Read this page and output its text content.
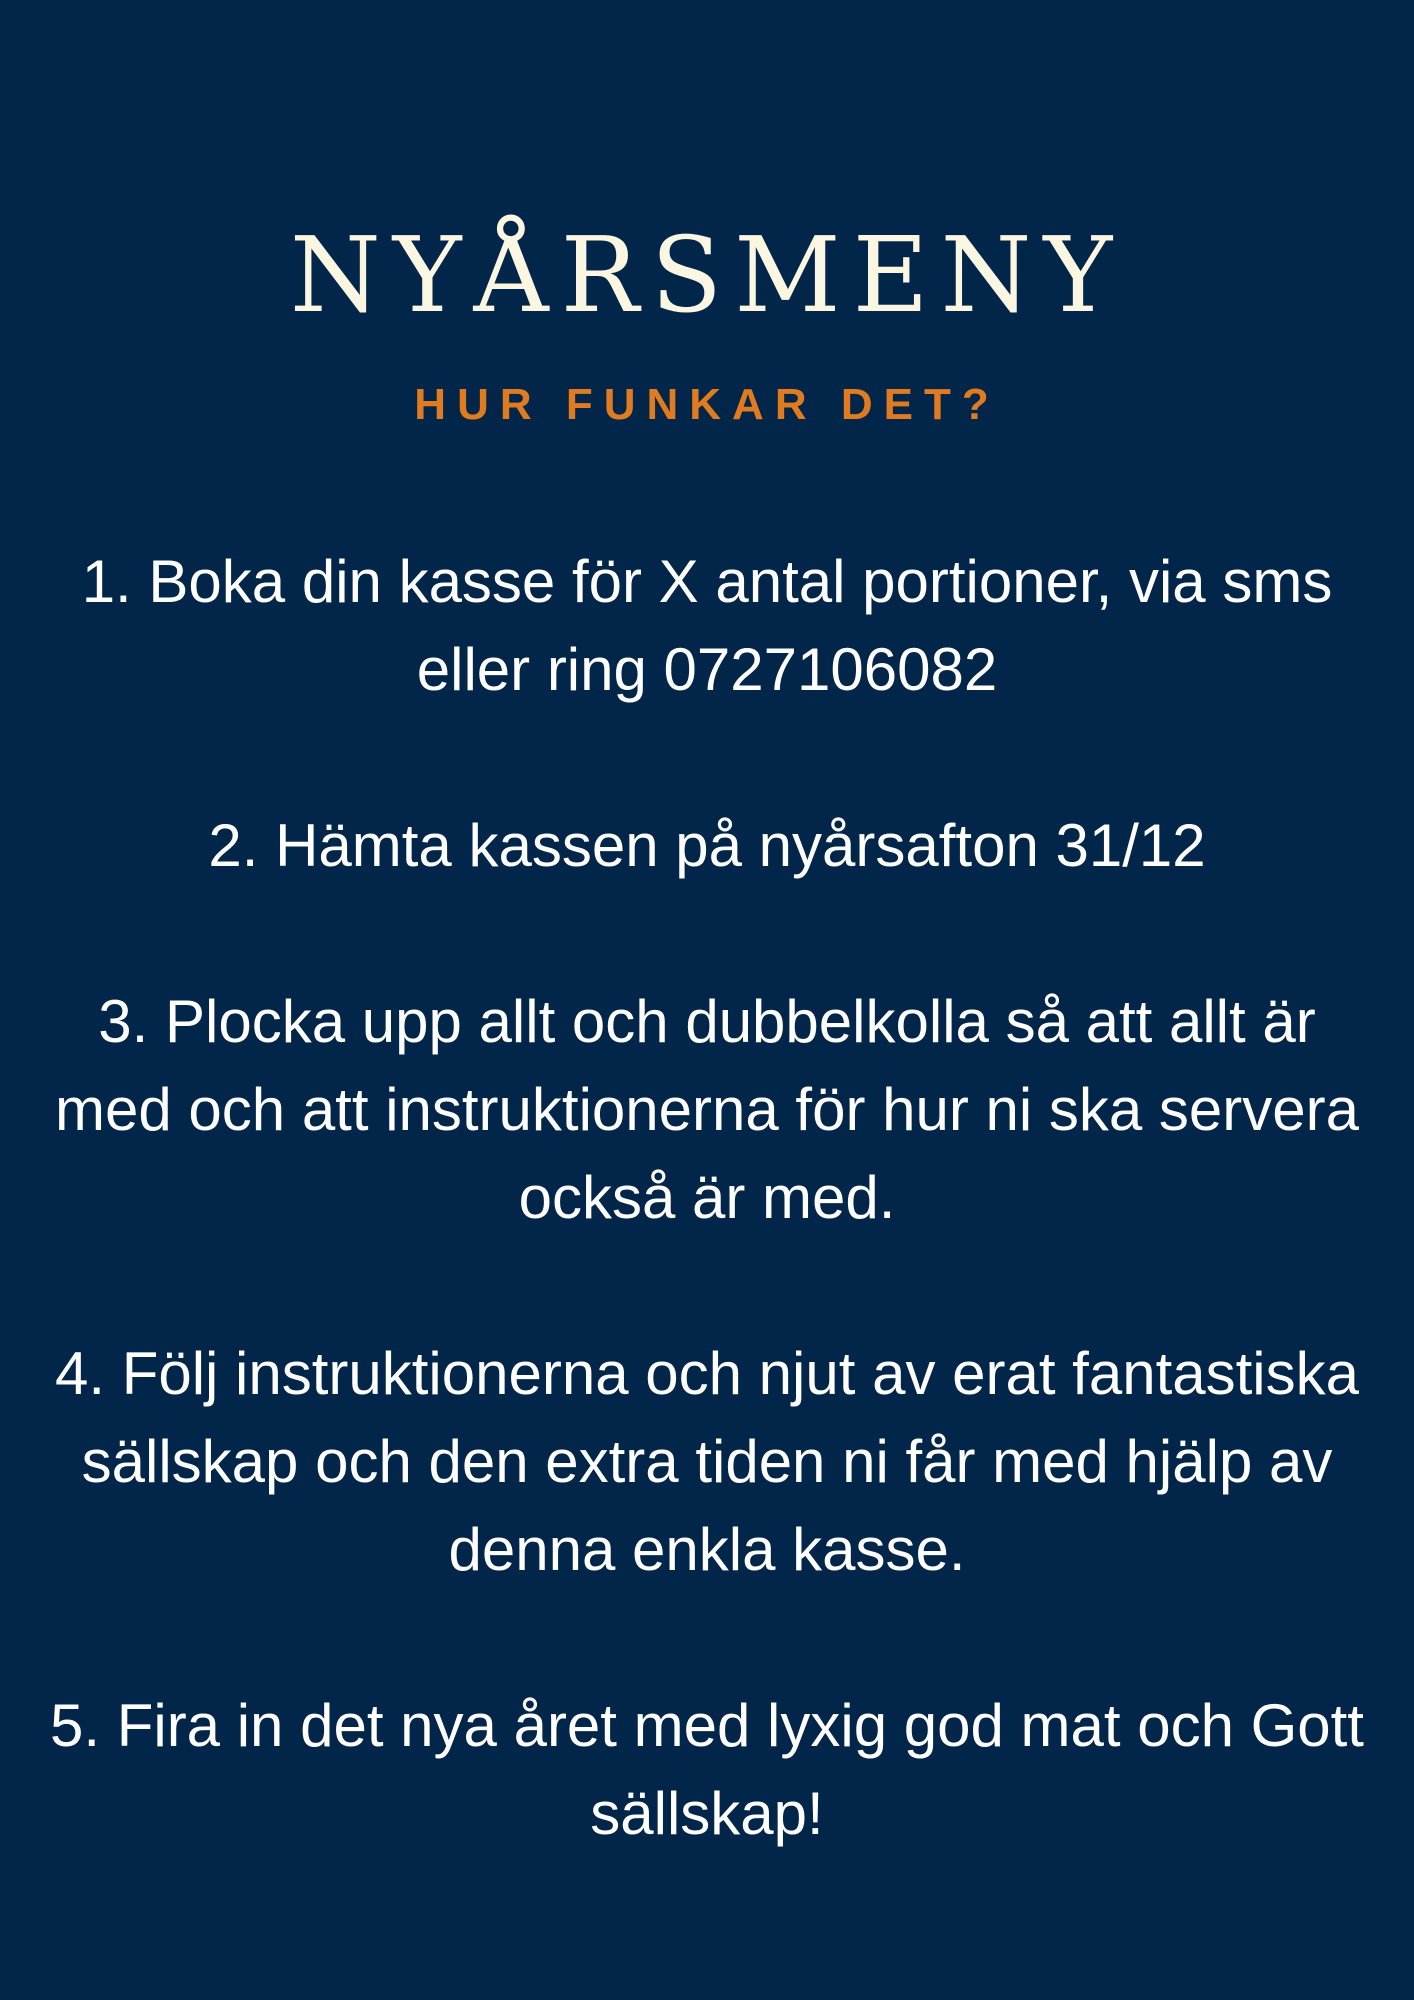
NYÅRSMENY
HUR FUNKAR DET?
1. Boka din kasse för X antal portioner, via sms eller ring 0727106082
2. Hämta kassen på nyårsafton 31/12
3. Plocka upp allt och dubbelkolla så att allt är med och att instruktionerna för hur ni ska servera också är med.
4. Följ instruktionerna och njut av erat fantastiska sällskap och den extra tiden ni får med hjälp av denna enkla kasse.
5. Fira in det nya året med lyxig god mat och Gott sällskap!
